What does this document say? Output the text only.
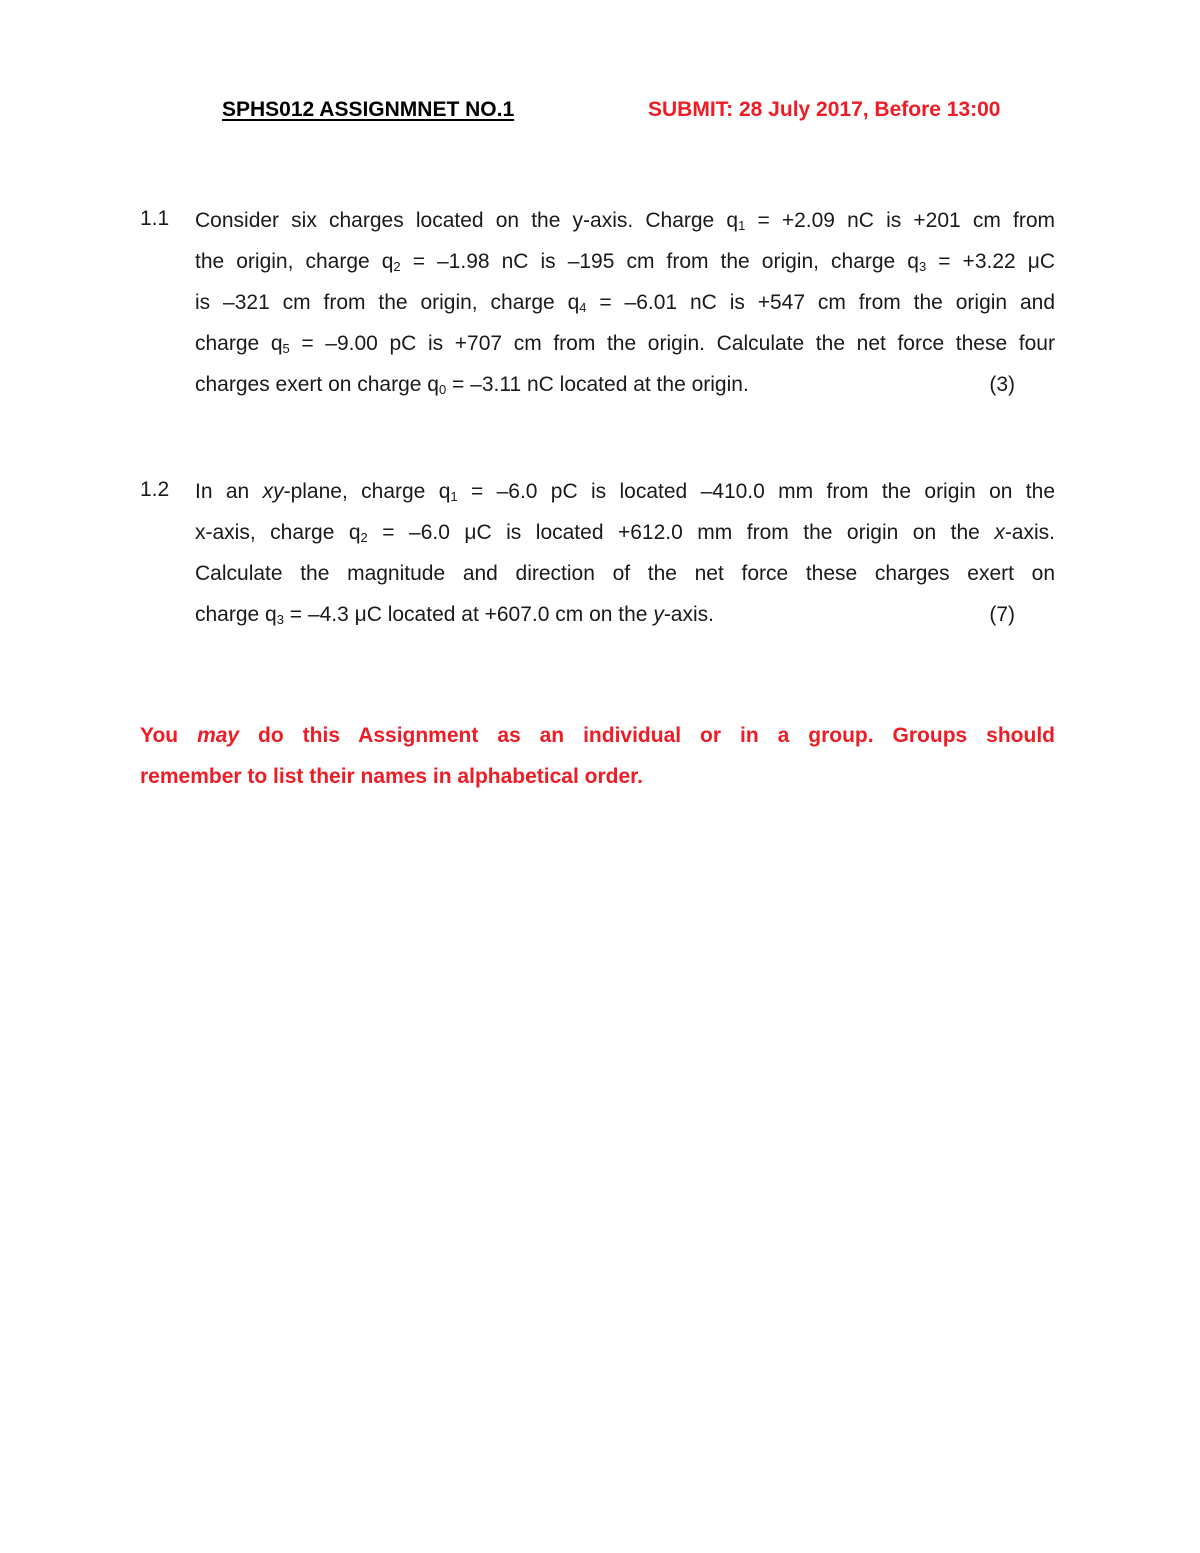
SPHS012 ASSIGNMNET NO.1	SUBMIT: 28 July 2017, Before 13:00
1.1 Consider six charges located on the y-axis. Charge $q_1 = +2.09$ nC is +201 cm from
the origin, charge $q_2 = -1.98$ nC is –195 cm from the origin, charge $q_3 = +3.22$ μC
is –321 cm from the origin, charge $q_4 = -6.01$ nC is +547 cm from the origin and
charge $q_5 = -9.00$ pC is +707 cm from the origin. Calculate the net force these four
charges exert on charge $q_0 = -3.11$ nC located at the origin.	(3)
1.2 In an xy-plane, charge $q_1 = -6.0$ pC is located –410.0 mm from the origin on the
x-axis, charge $q_2 = -6.0$ μC is located +612.0 mm from the origin on the x-axis.
Calculate the magnitude and direction of the net force these charges exert on
charge $q_3 = -4.3$ μC located at +607.0 cm on the y-axis.	(7)
You may do this Assignment as an individual or in a group. Groups should
remember to list their names in alphabetical order.
